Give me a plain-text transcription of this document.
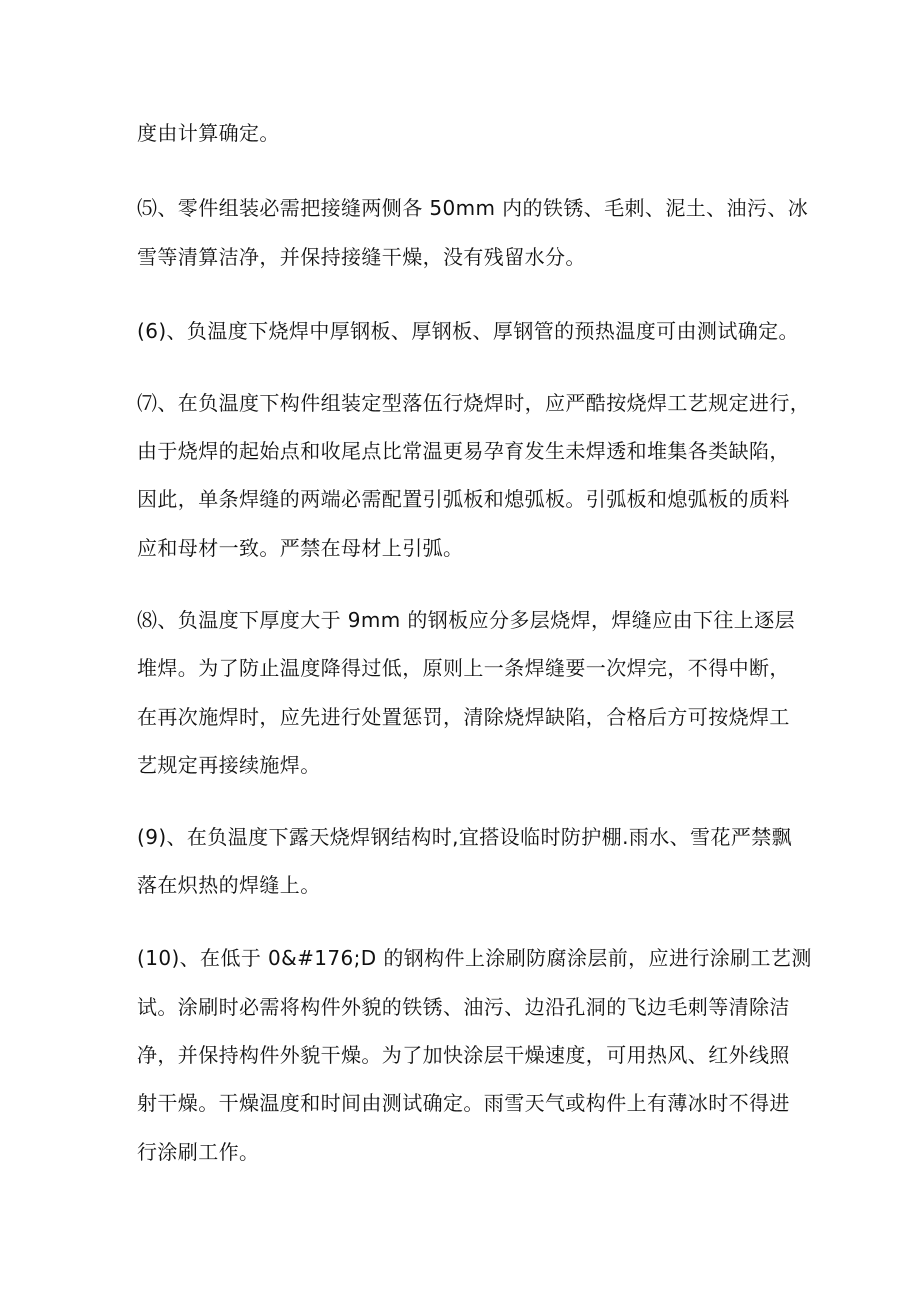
度由计算确定。
⑸、零件组装必需把接缝两侧各 50mm 内的铁锈、毛刺、泥土、油污、冰
雪等清算洁净，并保持接缝干燥，没有残留水分。
(6)、负温度下烧焊中厚钢板、厚钢板、厚钢管的预热温度可由测试确定。
⑺、在负温度下构件组装定型落伍行烧焊时，应严酷按烧焊工艺规定进行，
由于烧焊的起始点和收尾点比常温更易孕育发生未焊透和堆集各类缺陷，
因此，单条焊缝的两端必需配置引弧板和熄弧板。引弧板和熄弧板的质料
应和母材一致。严禁在母材上引弧。
⑻、负温度下厚度大于 9mm 的钢板应分多层烧焊，焊缝应由下往上逐层
堆焊。为了防止温度降得过低，原则上一条焊缝要一次焊完，不得中断，
在再次施焊时，应先进行处置惩罚，清除烧焊缺陷，合格后方可按烧焊工
艺规定再接续施焊。
(9)、在负温度下露天烧焊钢结构时,宜搭设临时防护棚.雨水、雪花严禁飘
落在炽热的焊缝上。
(10)、在低于 0&#176;D 的钢构件上涂刷防腐涂层前，应进行涂刷工艺测
试。涂刷时必需将构件外貌的铁锈、油污、边沿孔洞的飞边毛刺等清除洁
净，并保持构件外貌干燥。为了加快涂层干燥速度，可用热风、红外线照
射干燥。干燥温度和时间由测试确定。雨雪天气或构件上有薄冰时不得进
行涂刷工作。
